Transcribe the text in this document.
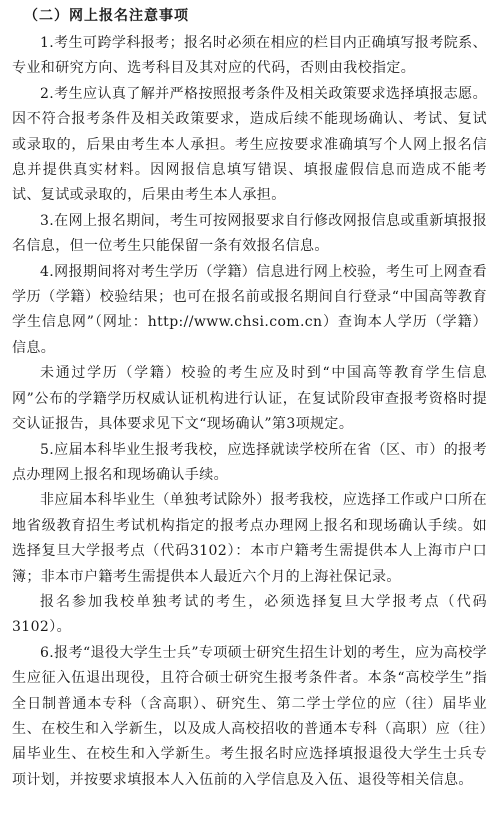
（二）网上报名注意事项

1.考生可跨学科报考；报名时必须在相应的栏目内正确填写报考院系、专业和研究方向、选考科目及其对应的代码，否则由我校指定。

2.考生应认真了解并严格按照报考条件及相关政策要求选择填报志愿。因不符合报考条件及相关政策要求，造成后续不能现场确认、考试、复试或录取的，后果由考生本人承担。考生应按要求准确填写个人网上报名信息并提供真实材料。因网报信息填写错误、填报虚假信息而造成不能考试、复试或录取的，后果由考生本人承担。

3.在网上报名期间，考生可按网报要求自行修改网报信息或重新填报报名信息，但一位考生只能保留一条有效报名信息。

4.网报期间将对考生学历（学籍）信息进行网上校验，考生可上网查看学历（学籍）校验结果；也可在报名前或报名期间自行登录“中国高等教育学生信息网”（网址：http://www.chsi.com.cn）查询本人学历（学籍）信息。

未通过学历（学籍）校验的考生应及时到“中国高等教育学生信息网”公布的学籍学历权威认证机构进行认证，在复试阶段审查报考资格时提交认证报告，具体要求见下文“现场确认”第3项规定。

5.应届本科毕业生报考我校，应选择就读学校所在省（区、市）的报考点办理网上报名和现场确认手续。

非应届本科毕业生（单独考试除外）报考我校，应选择工作或户口所在地省级教育招生考试机构指定的报考点办理网上报名和现场确认手续。如选择复旦大学报考点（代码3102）：本市户籍考生需提供本人上海市户口簿；非本市户籍考生需提供本人最近六个月的上海社保记录。

报名参加我校单独考试的考生，必须选择复旦大学报考点（代码3102）。

6.报考“退役大学生士兵”专项硕士研究生招生计划的考生，应为高校学生应征入伍退出现役，且符合硕士研究生报考条件者。本条“高校学生”指全日制普通本专科（含高职）、研究生、第二学士学位的应（往）届毕业生、在校生和入学新生，以及成人高校招收的普通本专科（高职）应（往）届毕业生、在校生和入学新生。考生报名时应选择填报退役大学生士兵专项计划，并按要求填报本人入伍前的入学信息及入伍、退役等相关信息。
